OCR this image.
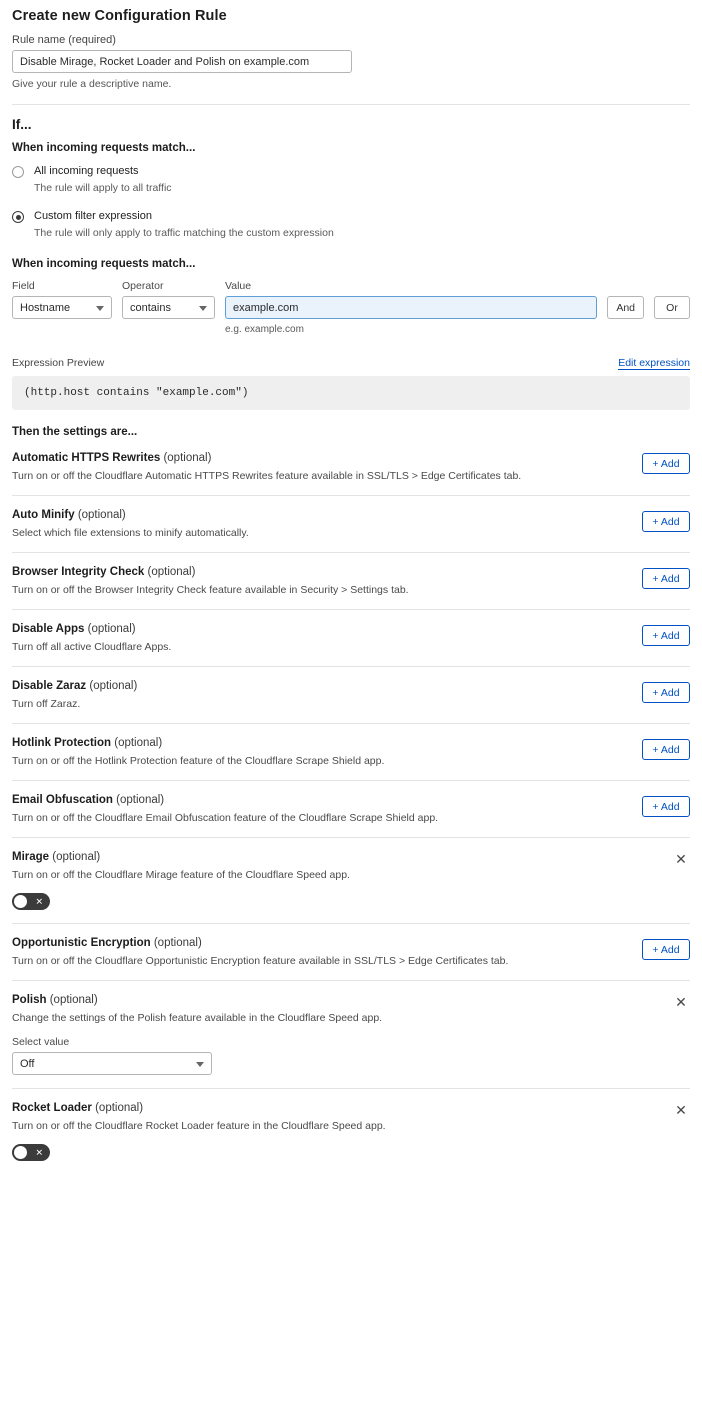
Create new Configuration Rule
Rule name (required)
Disable Mirage, Rocket Loader and Polish on example.com
Give your rule a descriptive name.
If...
When incoming requests match...
All incoming requests
The rule will apply to all traffic
Custom filter expression
The rule will only apply to traffic matching the custom expression
When incoming requests match...
Field
Hostname
Operator
contains
Value
example.com
e.g. example.com
And	Or
Expression Preview	Edit expression
(http.host contains "example.com")
Then the settings are...
Automatic HTTPS Rewrites (optional)
Turn on or off the Cloudflare Automatic HTTPS Rewrites feature available in SSL/TLS > Edge Certificates tab.
+ Add
Auto Minify (optional)
Select which file extensions to minify automatically.
+ Add
Browser Integrity Check (optional)
Turn on or off the Browser Integrity Check feature available in Security > Settings tab.
+ Add
Disable Apps (optional)
Turn off all active Cloudflare Apps.
+ Add
Disable Zaraz (optional)
Turn off Zaraz.
+ Add
Hotlink Protection (optional)
Turn on or off the Hotlink Protection feature of the Cloudflare Scrape Shield app.
+ Add
Email Obfuscation (optional)
Turn on or off the Cloudflare Email Obfuscation feature of the Cloudflare Scrape Shield app.
+ Add
Mirage (optional)
Turn on or off the Cloudflare Mirage feature of the Cloudflare Speed app.
✕
✕
Opportunistic Encryption (optional)
Turn on or off the Cloudflare Opportunistic Encryption feature available in SSL/TLS > Edge Certificates tab.
+ Add
Polish (optional)
Change the settings of the Polish feature available in the Cloudflare Speed app.
Select value
Off
✕
Rocket Loader (optional)
Turn on or off the Cloudflare Rocket Loader feature in the Cloudflare Speed app.
✕
✕
